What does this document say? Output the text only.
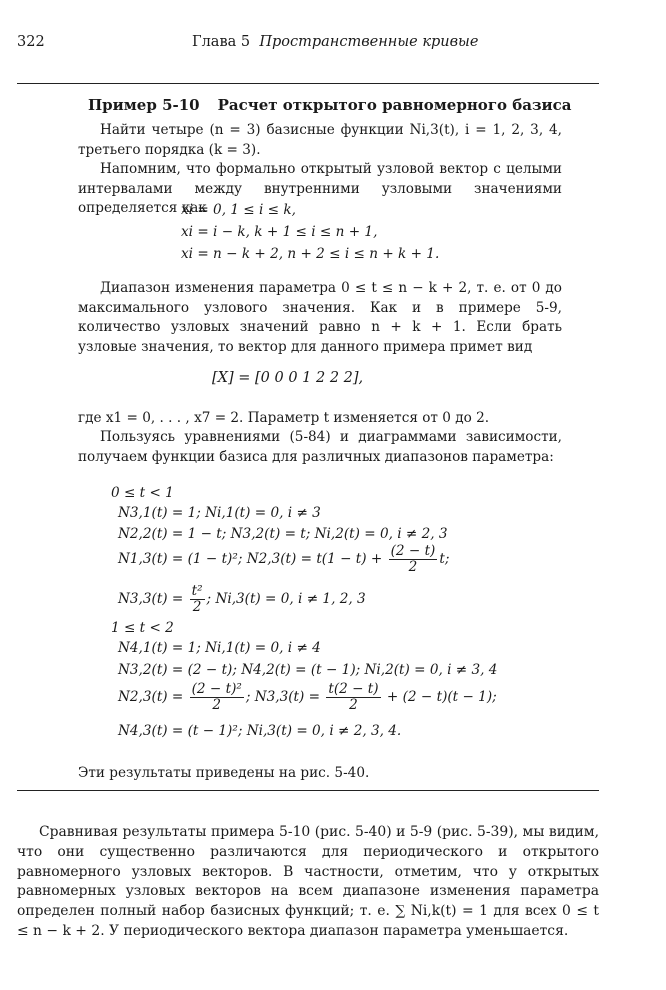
322	Глава 5 Пространственные кривые
Пример 5-10 Расчет открытого равномерного базиса
Найти четыре (n = 3) базисные функции Ni,3(t), i = 1, 2, 3, 4, третьего порядка (k = 3).
Напомним, что формально открытый узловой вектор с целыми интервалами между внутренними узловыми значениями определяется как
xi = 0, 1 ≤ i ≤ k,
xi = i − k, k + 1 ≤ i ≤ n + 1,
xi = n − k + 2, n + 2 ≤ i ≤ n + k + 1.
Диапазон изменения параметра 0 ≤ t ≤ n − k + 2, т. е. от 0 до максимального узлового значения. Как и в примере 5-9, количество узловых значений равно n + k + 1. Если брать узловые значения, то вектор для данного примера примет вид
[X] = [0 0 0 1 2 2 2],
где x1 = 0, . . . , x7 = 2. Параметр t изменяется от 0 до 2.
Пользуясь уравнениями (5-84) и диаграммами зависимости, получаем функции базиса для различных диапазонов параметра:
0 ≤ t < 1
N3,1(t) = 1; Ni,1(t) = 0, i ≠ 3
N2,2(t) = 1 − t; N3,2(t) = t; Ni,2(t) = 0, i ≠ 2, 3
N1,3(t) = (1 − t)²; $N2,3(t) = t(1 - t) + \frac{(2 - t)}{2} t$;
$N3,3(t) = \frac{\text{t²}}{2}$ ; Ni,3(t) = 0, i ≠ 1, 2, 3
1 ≤ t < 2
N4,1(t) = 1; Ni,1(t) = 0, i ≠ 4
N3,2(t) = (2 − t); N4,2(t) = (t − 1); Ni,2(t) = 0, i ≠ 3, 4
$N2,3(t) = \frac{\text{(2 − t)²}}{2}$ ; $N3,3(t) = \frac{t(2 - t)}{2} + (2 - t)(t - 1)$;
N4,3(t) = (t − 1)²; Ni,3(t) = 0, i ≠ 2, 3, 4.
Эти результаты приведены на рис. 5-40.
Сравнивая результаты примера 5-10 (рис. 5-40) и 5-9 (рис. 5-39), мы видим, что они существенно различаются для периодического и открытого равномерного узловых векторов. В частности, отметим, что у открытых равномерных узловых векторов на всем диапазоне изменения параметра определен полный набор базисных функций; т. е. ∑ Ni,k(t) = 1 для всех 0 ≤ t ≤ n − k + 2. У периодического вектора диапазон параметра уменьшается.
